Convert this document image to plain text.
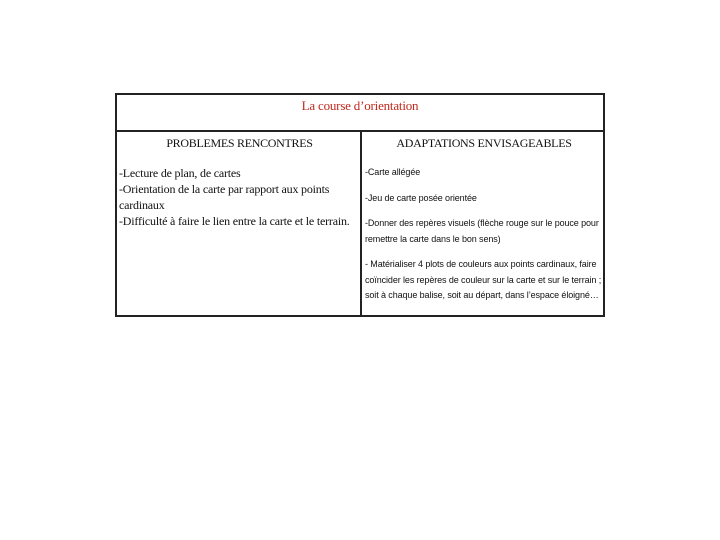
La course d’orientation
PROBLEMES RENCONTRES
-Lecture de plan, de cartes
-Orientation de la carte par rapport aux points cardinaux
-Difficulté à faire le lien entre la carte et le terrain.
ADAPTATIONS ENVISAGEABLES
-Carte allégée
-Jeu de carte posée orientée
-Donner des repères visuels (flèche rouge sur le pouce pour remettre la carte dans le bon sens)
- Matérialiser 4 plots de couleurs aux points cardinaux, faire coïncider les repères de couleur sur la carte et sur le terrain ; soit à chaque balise, soit au départ, dans l’espace éloigné…
